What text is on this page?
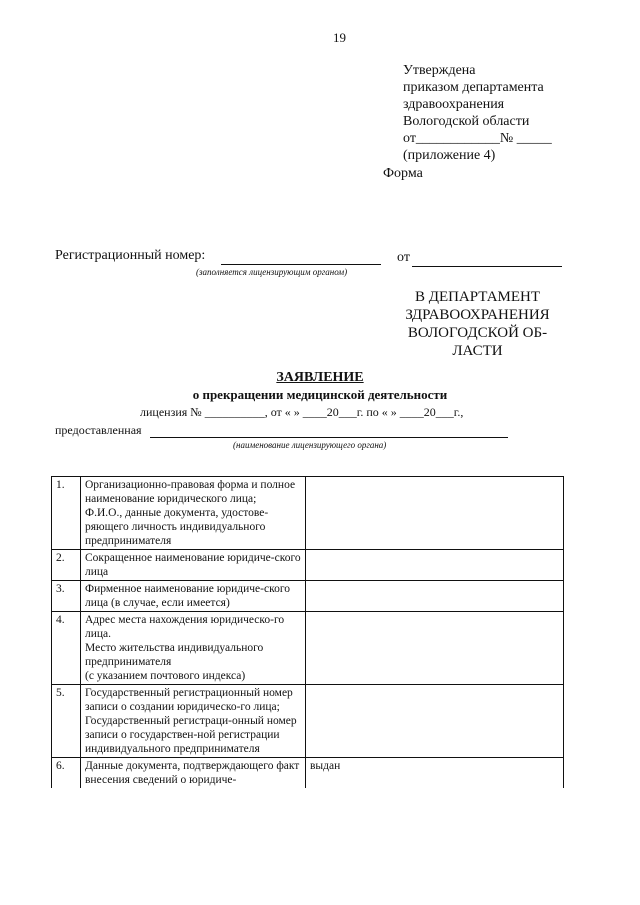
19
Утверждена
приказом департамента
здравоохранения
Вологодской области
от____________№ _____
(приложение 4)
Форма
Регистрационный номер:
(заполняется лицензирующим органом)
от
В ДЕПАРТАМЕНТ ЗДРАВООХРАНЕНИЯ ВОЛОГОДСКОЙ ОБ-ЛАСТИ
ЗАЯВЛЕНИЕ
о прекращении медицинской деятельности
лицензия № __________, от « » ____20___г. по « » ____20___г.,
предоставленная
(наименование лицензирующего органа)
1.	Организационно-правовая форма и полное наименование юридического лица;
Ф.И.О., данные документа, удостове-ряющего личность индивидуального предпринимателя	
2.	Сокращенное наименование юридиче-ского лица	
3.	Фирменное наименование юридиче-ского лица (в случае, если имеется)	
4.	Адрес места нахождения юридическо-го лица.
Место жительства индивидуального предпринимателя
(с указанием почтового индекса)	
5.	Государственный регистрационный номер записи о создании юридическо-го лица; Государственный регистраци-онный номер записи о государствен-ной регистрации индивидуального предпринимателя	
6.	Данные документа, подтверждающего факт внесения сведений о юридиче-	выдан
